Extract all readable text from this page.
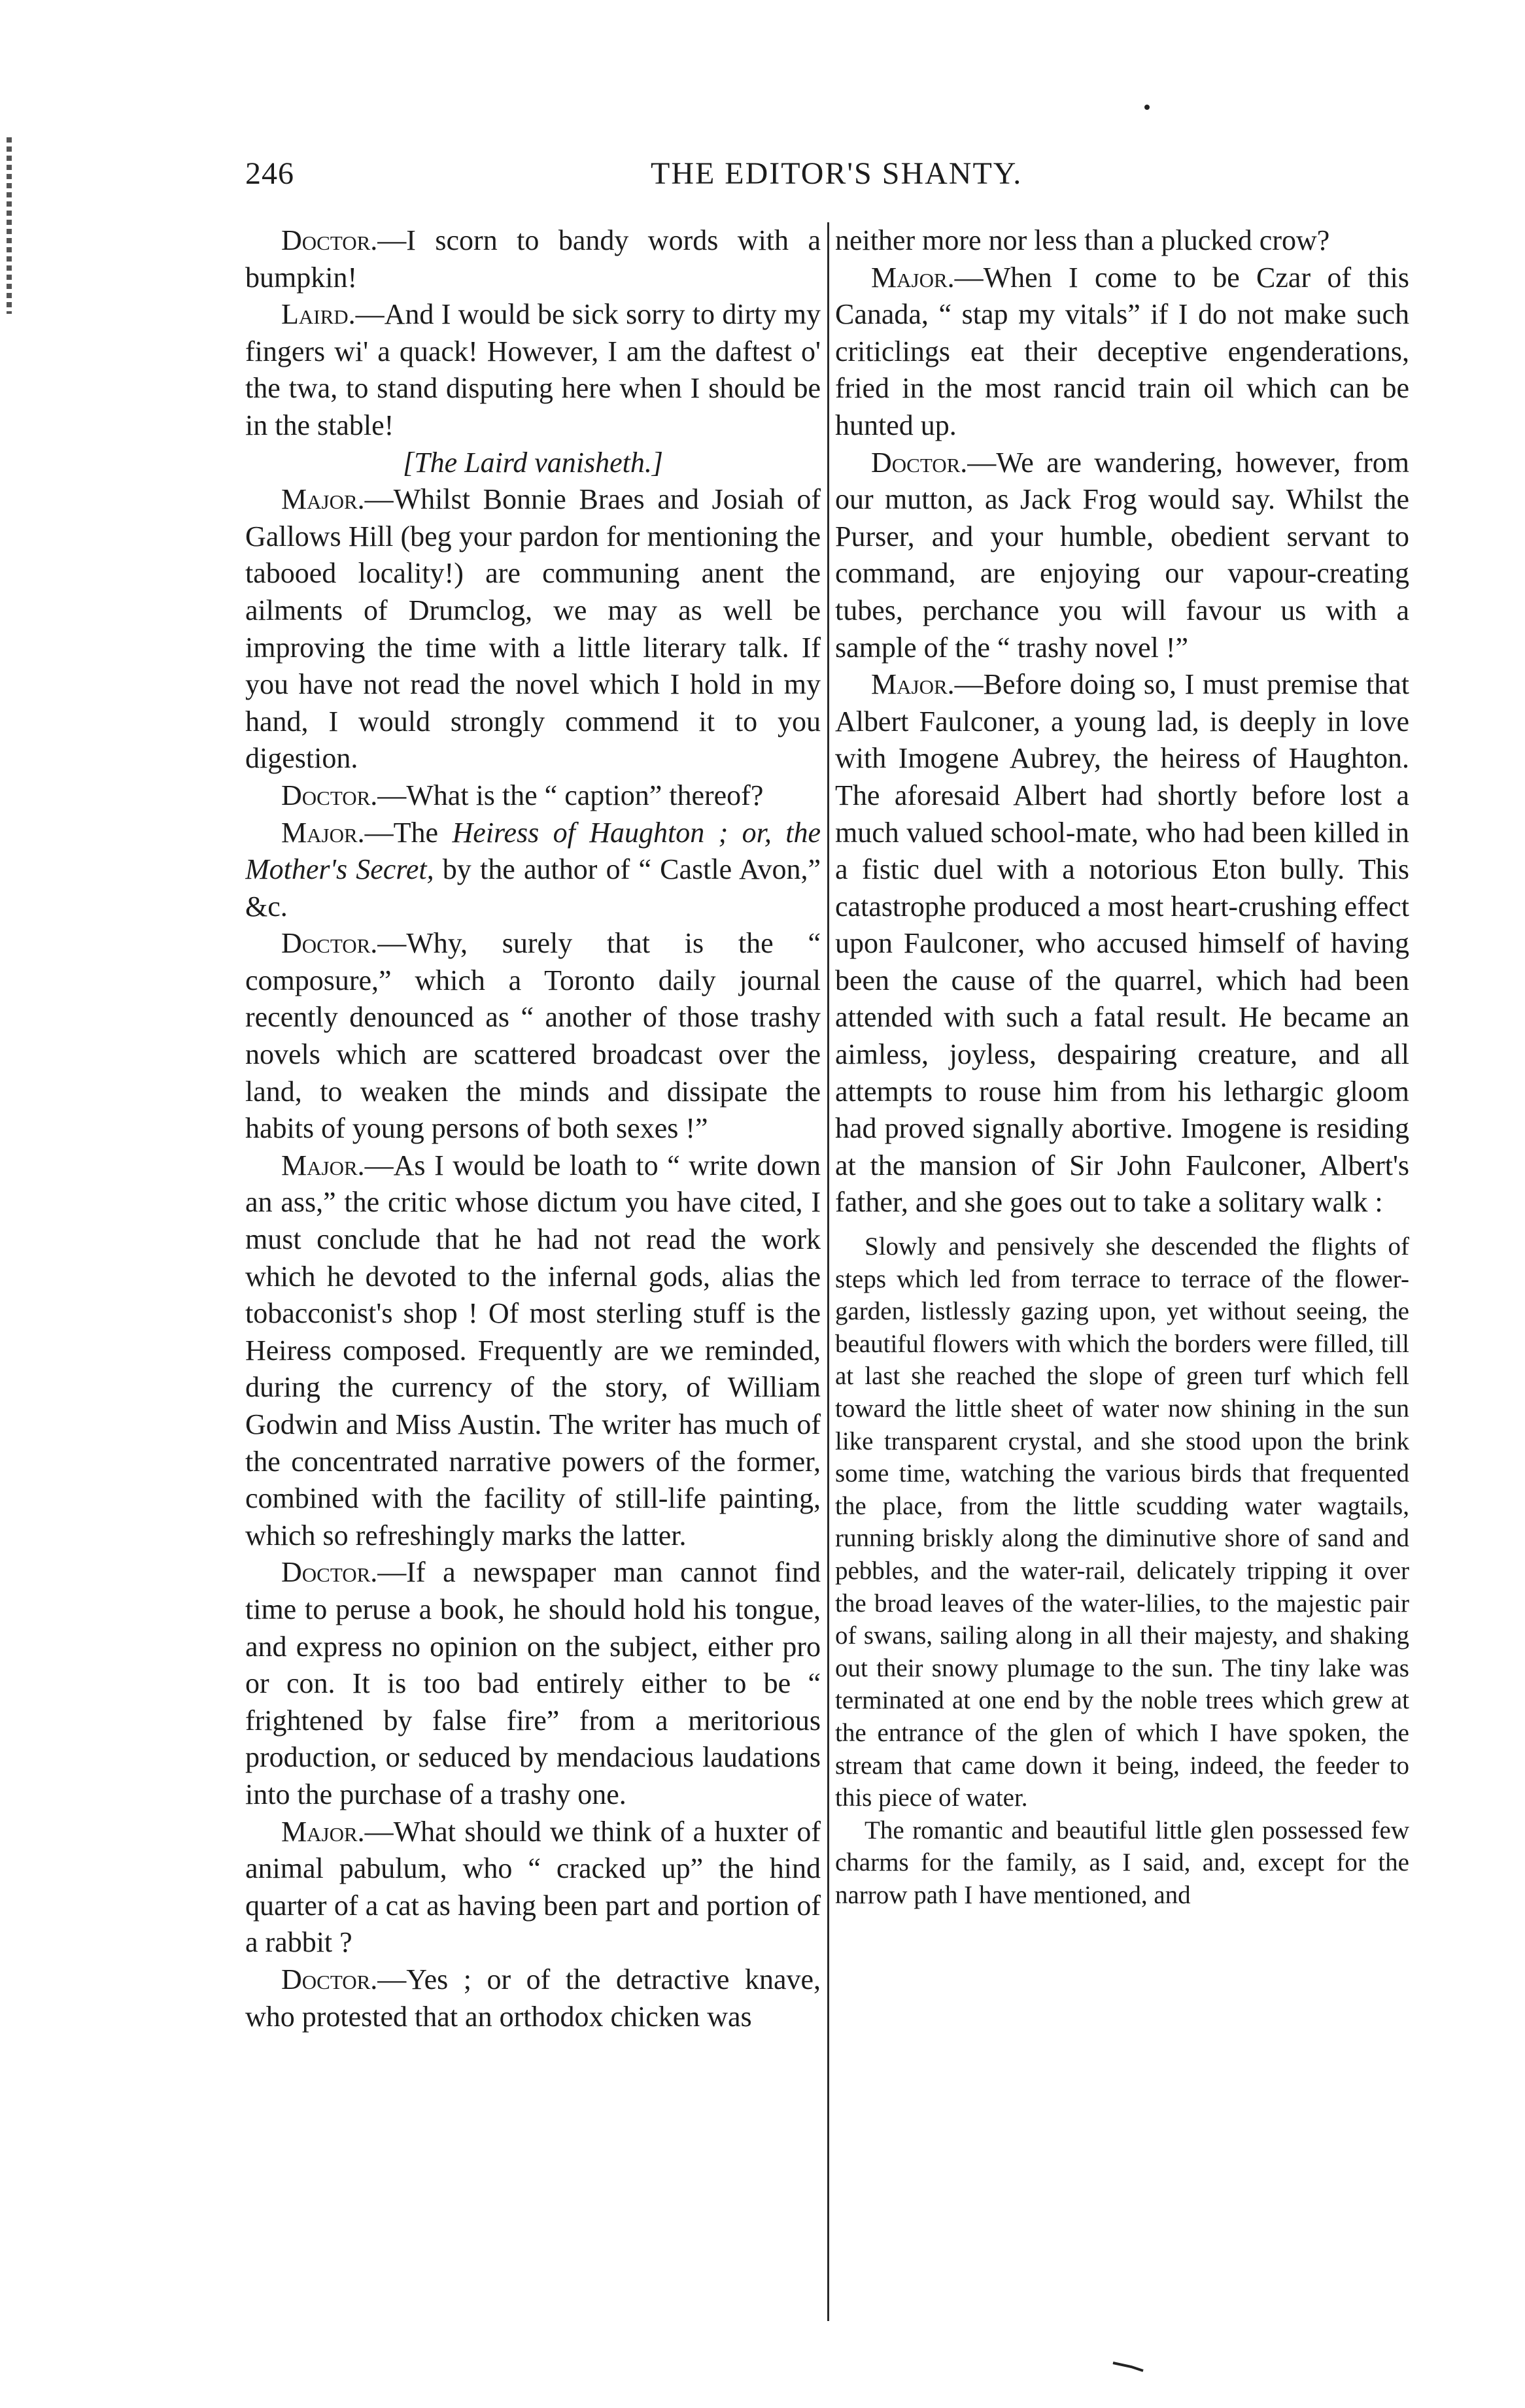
246	THE EDITOR'S SHANTY.

Doctor.—I scorn to bandy words with a bumpkin!

Laird.—And I would be sick sorry to dirty my fingers wi' a quack! However, I am the daftest o' the twa, to stand disputing here when I should be in the stable!

[The Laird vanisheth.]

Major.—Whilst Bonnie Braes and Josiah of Gallows Hill (beg your pardon for mentioning the tabooed locality!) are communing anent the ailments of Drumclog, we may as well be improving the time with a little literary talk. If you have not read the novel which I hold in my hand, I would strongly commend it to you digestion.

Doctor.—What is the “ caption” thereof?

Major.—The Heiress of Haughton ; or, the Mother's Secret, by the author of “ Castle Avon,” &c.

Doctor.—Why, surely that is the “ composure,” which a Toronto daily journal recently denounced as “ another of those trashy novels which are scattered broadcast over the land, to weaken the minds and dissipate the habits of young persons of both sexes !”

Major.—As I would be loath to “ write down an ass,” the critic whose dictum you have cited, I must conclude that he had not read the work which he devoted to the infernal gods, alias the tobacconist's shop ! Of most sterling stuff is the Heiress composed. Frequently are we reminded, during the currency of the story, of William Godwin and Miss Austin. The writer has much of the concentrated narrative powers of the former, combined with the facility of still-life painting, which so refreshingly marks the latter.

Doctor.—If a newspaper man cannot find time to peruse a book, he should hold his tongue, and express no opinion on the subject, either pro or con. It is too bad entirely either to be “ frightened by false fire” from a meritorious production, or seduced by mendacious laudations into the purchase of a trashy one.

Major.—What should we think of a huxter of animal pabulum, who “ cracked up” the hind quarter of a cat as having been part and portion of a rabbit ?

Doctor.—Yes ; or of the detractive knave, who protested that an orthodox chicken was

neither more nor less than a plucked crow?

Major.—When I come to be Czar of this Canada, “ stap my vitals” if I do not make such criticlings eat their deceptive engenderations, fried in the most rancid train oil which can be hunted up.

Doctor.—We are wandering, however, from our mutton, as Jack Frog would say. Whilst the Purser, and your humble, obedient servant to command, are enjoying our vapour-creating tubes, perchance you will favour us with a sample of the “ trashy novel !”

Major.—Before doing so, I must premise that Albert Faulconer, a young lad, is deeply in love with Imogene Aubrey, the heiress of Haughton. The aforesaid Albert had shortly before lost a much valued school-mate, who had been killed in a fistic duel with a notorious Eton bully. This catastrophe produced a most heart-crushing effect upon Faulconer, who accused himself of having been the cause of the quarrel, which had been attended with such a fatal result. He became an aimless, joyless, despairing creature, and all attempts to rouse him from his lethargic gloom had proved signally abortive. Imogene is residing at the mansion of Sir John Faulconer, Albert's father, and she goes out to take a solitary walk :

Slowly and pensively she descended the flights of steps which led from terrace to terrace of the flower-garden, listlessly gazing upon, yet without seeing, the beautiful flowers with which the borders were filled, till at last she reached the slope of green turf which fell toward the little sheet of water now shining in the sun like transparent crystal, and she stood upon the brink some time, watching the various birds that frequented the place, from the little scudding water wagtails, running briskly along the diminutive shore of sand and pebbles, and the water-rail, delicately tripping it over the broad leaves of the water-lilies, to the majestic pair of swans, sailing along in all their majesty, and shaking out their snowy plumage to the sun. The tiny lake was terminated at one end by the noble trees which grew at the entrance of the glen of which I have spoken, the stream that came down it being, indeed, the feeder to this piece of water.

The romantic and beautiful little glen possessed few charms for the family, as I said, and, except for the narrow path I have mentioned, and
